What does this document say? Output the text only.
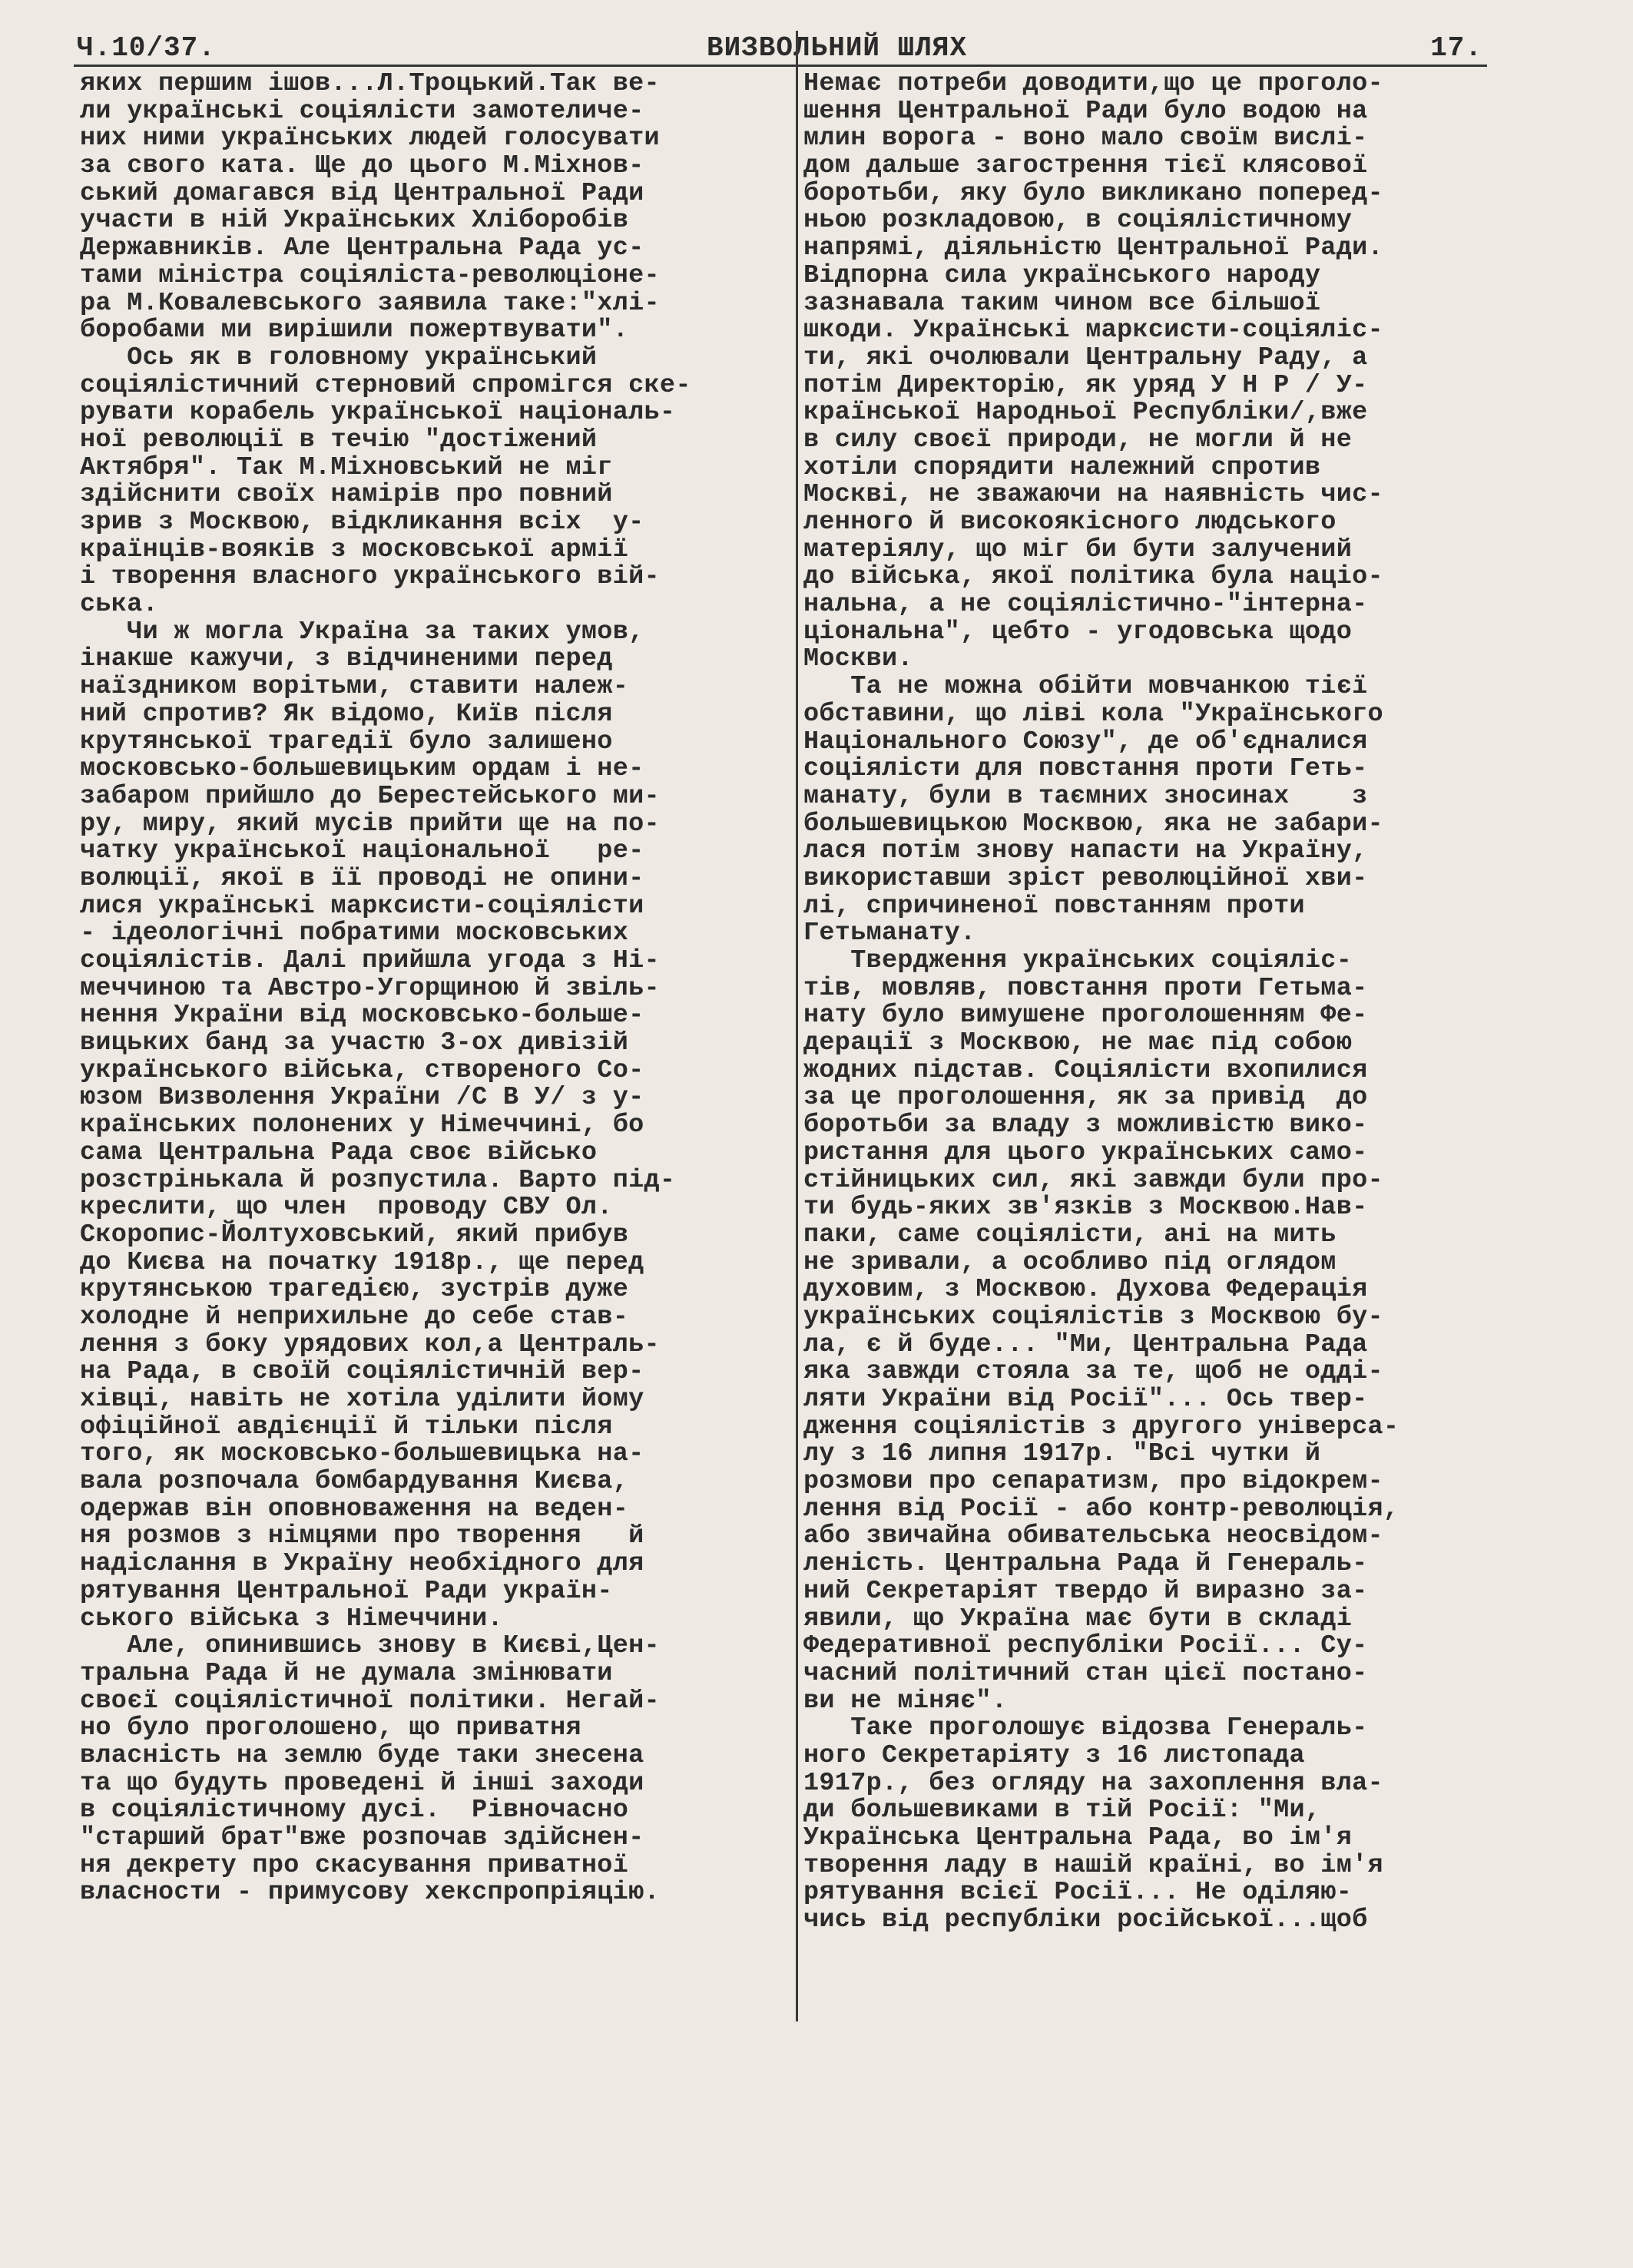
Ч.10/37.	ВИЗВОЛЬНИЙ ШЛЯХ	17.
яких першим ішов...Л.Троцький.Так ве-
ли українські соціялісти замотеличе-
них ними українських людей голосувати
за свого ката. Ще до цього М.Міхнов-
ський домагався від Центральної Ради
участи в ній Українських Хліборобів
Державників. Але Центральна Рада ус-
тами міністра соціяліста-революціоне-
ра М.Ковалевського заявила таке:"хлі-
боробами ми вирішили пожертвувати".
Ось як в головному український
соціялістичний стерновий спромігся ске-
рувати корабель української національ-
ної революції в течію "достіжений
Актября". Так М.Міхновський не міг
здійснити своїх намірів про повний
зрив з Москвою, відкликання всіх  у-
країнців-вояків з московської армії
і творення власного українського вій-
ська.
Чи ж могла Україна за таких умов,
інакше кажучи, з відчиненими перед
наїздником ворітьми, ставити належ-
ний спротив? Як відомо, Київ після
крутянської трагедії було залишено
московсько-большевицьким ордам і не-
забаром прийшло до Берестейського ми-
ру, миру, який мусів прийти ще на по-
чатку української національної   ре-
волюції, якої в її проводі не опини-
лися українські марксисти-соціялісти
- ідеологічні побратими московських
соціялістів. Далі прийшла угода з Ні-
меччиною та Австро-Угорщиною й звіль-
нення України від московсько-большe-
вицьких банд за участю 3-ох дивізій
українського війська, створеного Со-
юзом Визволення України /С В У/ з у-
країнських полонених у Німеччині, бо
сама Центральна Рада своє військо
розстрінькала й розпустила. Варто під-
креслити, що член  проводу СВУ Ол.
Скоропис-Йолтуховський, який прибув
до Києва на початку 1918р., ще перед
крутянською трагедією, зустрів дуже
холодне й неприхильне до себе став-
лення з боку урядових кол,а Централь-
на Рада, в своїй соціялістичній вер-
хівці, навіть не хотіла уділити йому
офіційної авдієнції й тільки після
того, як московсько-большевицька на-
вала розпочала бомбардування Києва,
одержав він оповноваження на веден-
ня розмов з німцями про творення   й
надіслання в Україну необхідного для
рятування Центральної Ради україн-
ського війська з Німеччини.
Але, опинившись знову в Києві,Цен-
тральна Рада й не думала змінювати
своєї соціялістичної політики. Негай-
но було проголошено, що приватня
власність на землю буде таки знесена
та що будуть проведені й інші заходи
в соціялістичному дусі.  Рівночасно
"старший брат"вже розпочав здійснен-
ня декрету про скасування приватної
власности - примусову хекспропріяцію.
Немає потреби доводити,що це проголо-
шення Центральної Ради було водою на
млин ворога - воно мало своїм вислі-
дом дальше загострення тієї клясової
боротьби, яку було викликано поперед-
ньою розкладовою, в соціялістичному
напрямі, діяльністю Центральної Ради.
Відпорна сила українського народу
зазнавала таким чином все більшої
шкоди. Українські марксисти-соціяліс-
ти, які очолювали Центральну Раду, а
потім Директорію, як уряд У Н Р / У-
країнської Народньої Республіки/,вже
в силу своєї природи, не могли й не
хотіли спорядити належний спротив
Москві, не зважаючи на наявність чис-
ленного й високоякісного людського
матеріялу, що міг би бути залучений
до війська, якої політика була націо-
нальна, а не соціялістично-"інтерна-
ціональна", цебто - угодовська щодо
Москви.
Та не можна обійти мовчанкою тієї
обставини, що ліві кола "Українського
Національного Союзу", де об'єдналися
соціялісти для повстання проти Геть-
манату, були в таємних зносинах    з
большевицькою Москвою, яка не забари-
лася потім знову напасти на Україну,
використавши зріст революційної хви-
лі, спричиненої повстанням проти
Гетьманату.
Твердження українських соціяліс-
тів, мовляв, повстання проти Гетьма-
нату було вимушене проголошенням Фе-
дерації з Москвою, не має під собою
жодних підстав. Соціялісти вхопилися
за це проголошення, як за привід  до
боротьби за владу з можливістю вико-
ристання для цього українських само-
стійницьких сил, які завжди були про-
ти будь-яких зв'язків з Москвою.Нав-
паки, саме соціялісти, ані на мить
не зривали, а особливо під оглядом
духовим, з Москвою. Духова Федерація
українських соціялістів з Москвою бу-
ла, є й буде... "Ми, Центральна Рада
яка завжди стояла за те, щоб не оддi-
ляти України від Росії"... Ось твер-
дження соціялістів з другого універса-
лу з 16 липня 1917р. "Всі чутки й
розмови про сепаратизм, про відокрем-
лення від Росії - або контр-революція,
або звичайна обивательська неосвідом-
леність. Центральна Рада й Генераль-
ний Секретаріят твердо й виразно за-
явили, що Україна має бути в складі
Федеративної республіки Росії... Су-
часний політичний стан цієї постано-
ви не міняє".
Таке проголошує відозва Генераль-
ного Секретаріяту з 16 листопада
1917р., без огляду на захоплення вла-
ди большевиками в тій Росії: "Ми,
Українська Центральна Рада, во ім'я
творення ладу в нашій країні, во ім'я
рятування всієї Росії... Не оділяю-
чись від республіки російської...щоб
